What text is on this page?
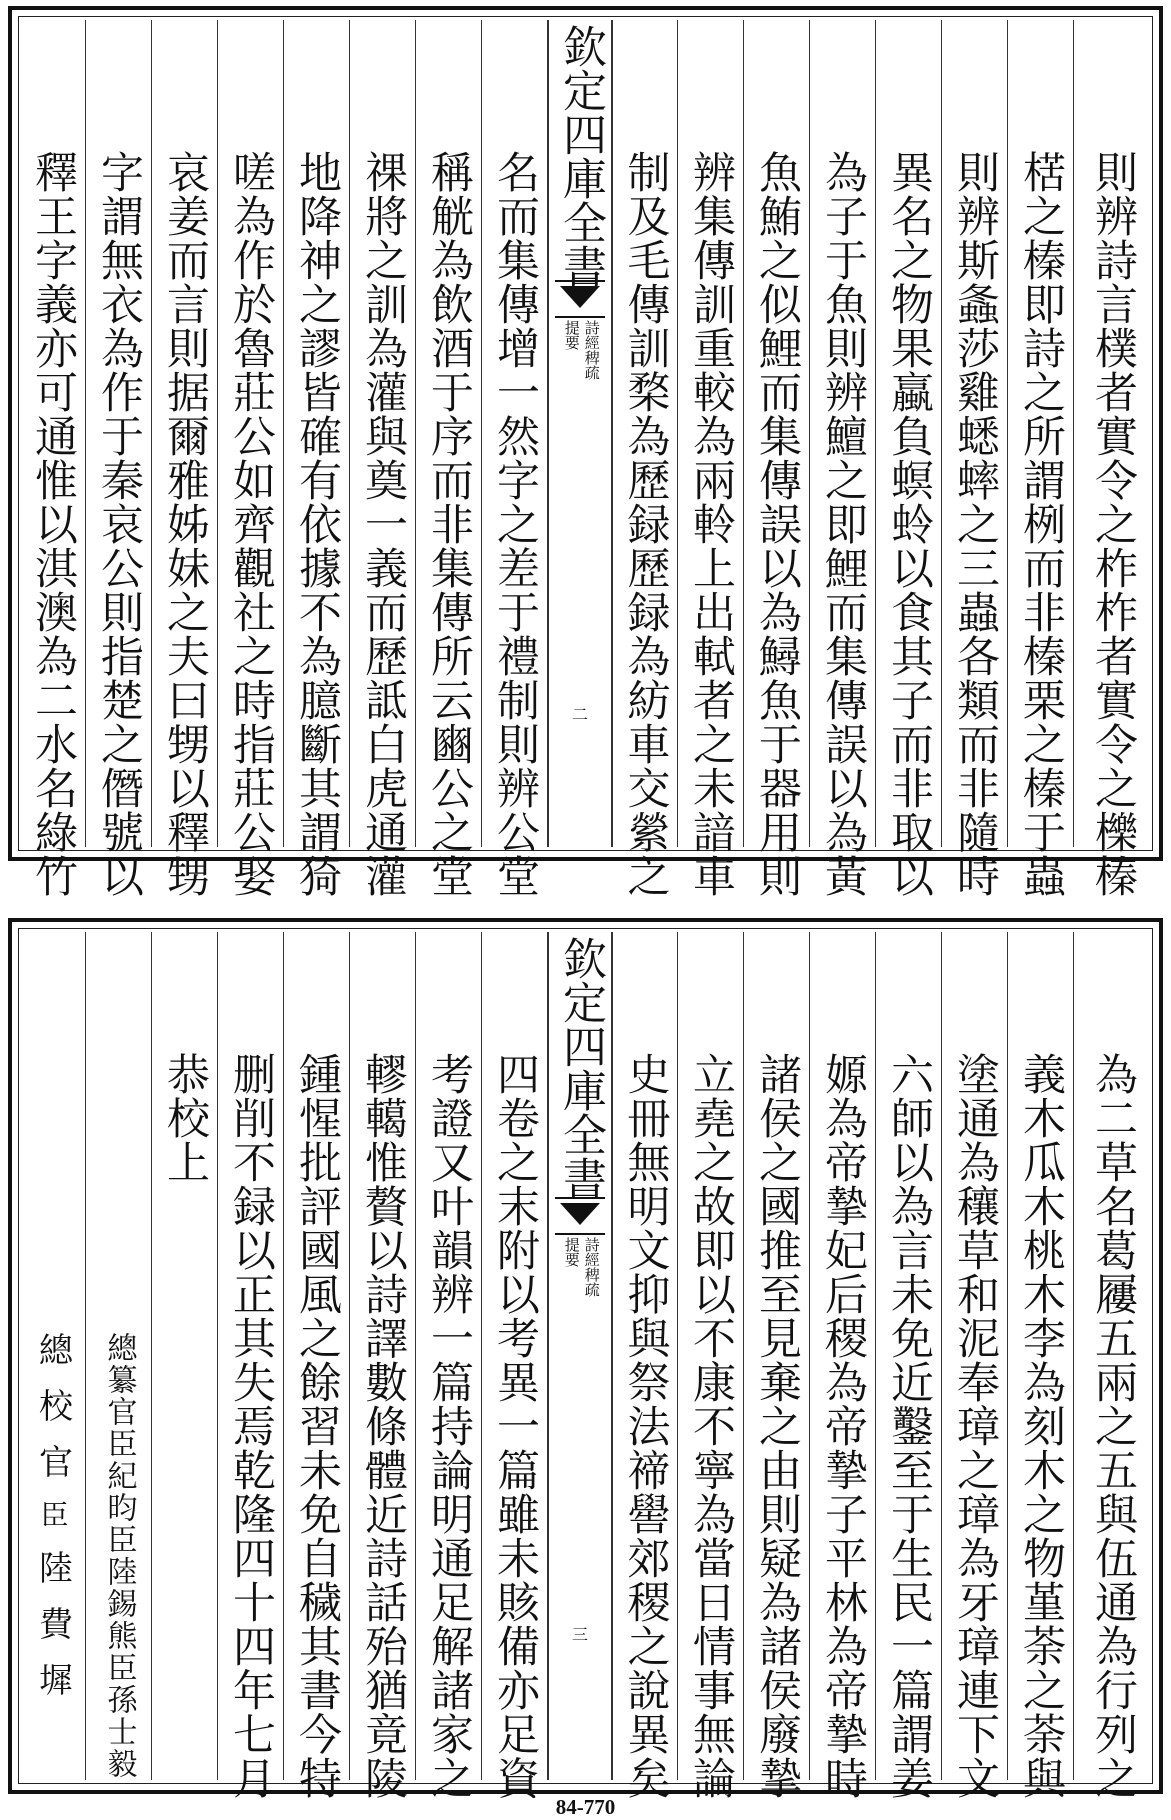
釋王字義亦可通惟以淇澳為二水名綠竹 字謂無衣為作于秦哀公則指楚之僭號以 哀姜而言則据爾雅姊妹之夫曰甥以釋甥 嗟為作於魯莊公如齊觀社之時指莊公娶 地降神之謬皆確有依據不為臆斷其謂猗 祼將之訓為灌與奠一義而歷詆白虎通灌 稱觥為飲酒于序而非集傳所云豳公之堂 名而集傳增一然字之差于禮制則辨公堂 欽定四庫全書
詩經稗疏
提要
二 制及毛傳訓楘為歷録歷録為紡車交縈之 辨集傳訓重較為兩軨上出軾者之未諳車 魚鮪之似鯉而集傳誤以為鱘魚于器用則 為子于魚則辨鱣之即鯉而集傳誤以為黃 異名之物果蠃負螟蛉以食其子而非取以 則辨斯螽莎雞蟋蟀之三蟲各類而非隨時 楛之榛即詩之所謂栵而非榛栗之榛于蟲 則辨詩言樸者實令之柞柞者實令之櫟榛
總校官臣陸費墀 總纂官臣紀昀臣陸錫熊臣孫士毅
恭校上 删削不録以正其失焉乾隆四十四年七月 鍾惺批評國風之餘習未免自穢其書今特 轇轕惟贅以詩譯數條體近詩話殆猶竟陵 考證又叶韻辨一篇持論明通足解諸家之 四卷之末附以考異一篇雖未賅備亦足資 欽定四庫全書
詩經稗疏
提要
三 史冊無明文抑與祭法禘嚳郊稷之說異矣 立堯之故即以不康不寧為當日情事無論 諸侯之國推至見棄之由則疑為諸侯廢摯 嫄為帝摯妃后稷為帝摯子平林為帝摯時 六師以為言未免近鑿至于生民一篇謂姜 塗通為穰草和泥奉璋之璋為牙璋連下文 義木瓜木桃木李為刻木之物堇荼之荼與 為二草名葛屨五兩之五與伍通為行列之
84-770
